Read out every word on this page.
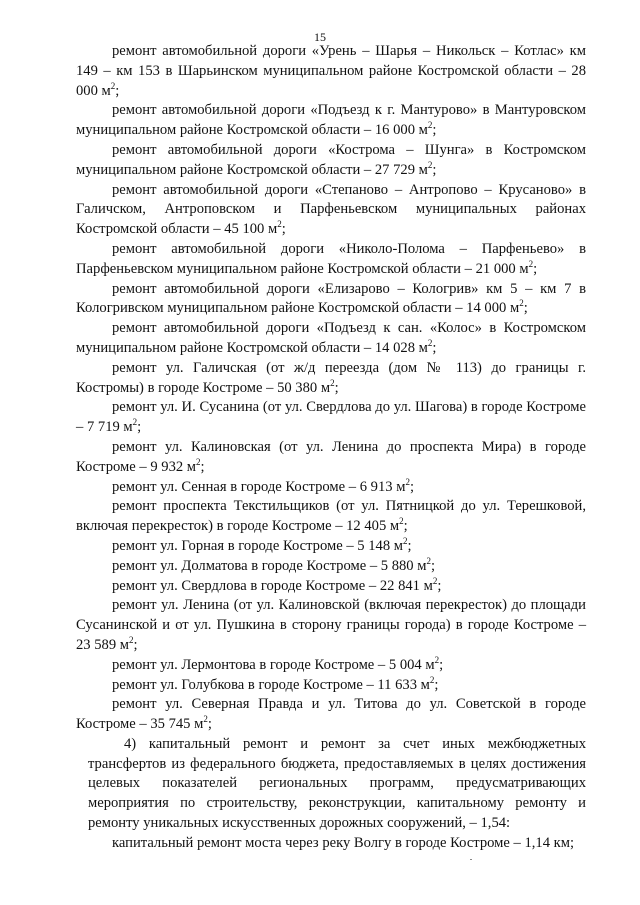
15

ремонт автомобильной дороги «Урень – Шарья – Никольск – Котлас» км 149 – км 153 в Шарьинском муниципальном районе Костромской области – 28 000 $м^2$;

ремонт автомобильной дороги «Подъезд к г. Мантурово» в Мантуровском муниципальном районе Костромской области – 16 000 $м^2$;

ремонт автомобильной дороги «Кострома – Шунга» в Костромском муниципальном районе Костромской области – 27 729 $м^2$;

ремонт автомобильной дороги «Степаново – Антропово – Крусаново» в Галичском, Антроповском и Парфеньевском муниципальных районах Костромской области – 45 100 $м^2$;

ремонт автомобильной дороги «Николо-Полома – Парфеньево» в Парфеньевском муниципальном районе Костромской области – 21 000 $м^2$;

ремонт автомобильной дороги «Елизарово – Кологрив» км 5 – км 7 в Кологривском муниципальном районе Костромской области – 14 000 $м^2$;

ремонт автомобильной дороги «Подъезд к сан. «Колос» в Костромском муниципальном районе Костромской области – 14 028 $м^2$;

ремонт ул. Галичская (от ж/д переезда (дом № 113) до границы г. Костромы) в городе Костроме – 50 380 $м^2$;

ремонт ул. И. Сусанина (от ул. Свердлова до ул. Шагова) в городе Костроме – 7 719 $м^2$;

ремонт ул. Калиновская (от ул. Ленина до проспекта Мира) в городе Костроме – 9 932 $м^2$;

ремонт ул. Сенная в городе Костроме – 6 913 $м^2$;

ремонт проспекта Текстильщиков (от ул. Пятницкой до ул. Терешковой, включая перекресток) в городе Костроме – 12 405 $м^2$;

ремонт ул. Горная в городе Костроме – 5 148 $м^2$;

ремонт ул. Долматова в городе Костроме – 5 880 $м^2$;

ремонт ул. Свердлова в городе Костроме – 22 841 $м^2$;

ремонт ул. Ленина (от ул. Калиновской (включая перекресток) до площади Сусанинской и от ул. Пушкина в сторону границы города) в городе Костроме – 23 589 $м^2$;

ремонт ул. Лермонтова в городе Костроме – 5 004 $м^2$;

ремонт ул. Голубкова в городе Костроме – 11 633 $м^2$;

ремонт ул. Северная Правда и ул. Титова до ул. Советской в городе Костроме – 35 745 $м^2$;

4) капитальный ремонт и ремонт за счет иных межбюджетных трансфертов из федерального бюджета, предоставляемых в целях достижения целевых показателей региональных программ, предусматривающих мероприятия по строительству, реконструкции, капитальному ремонту и ремонту уникальных искусственных дорожных сооружений, – 1,54:

капитальный ремонт моста через реку Волгу в городе Костроме – 1,14 км;
